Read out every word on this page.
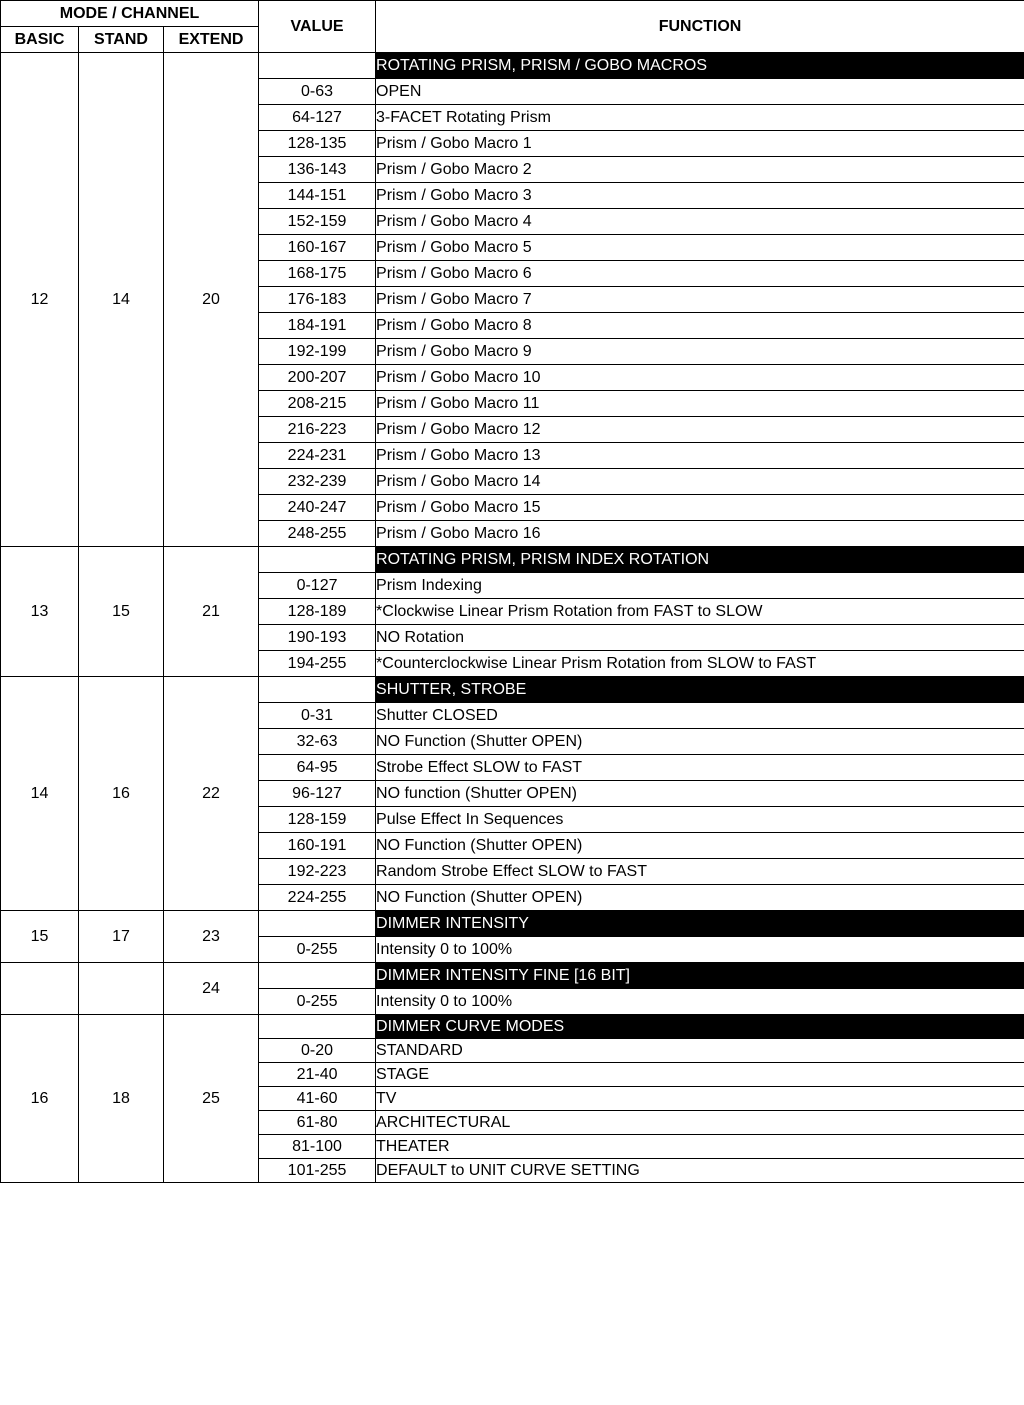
MODE / CHANNEL			VALUE	FUNCTION
BASIC	STAND	EXTEND		
12	14	20		ROTATING PRISM, PRISM / GOBO MACROS
			0-63	OPEN
			64-127	3-FACET Rotating Prism
			128-135	Prism / Gobo Macro 1
			136-143	Prism / Gobo Macro 2
			144-151	Prism / Gobo Macro 3
			152-159	Prism / Gobo Macro 4
			160-167	Prism / Gobo Macro 5
			168-175	Prism / Gobo Macro 6
			176-183	Prism / Gobo Macro 7
			184-191	Prism / Gobo Macro 8
			192-199	Prism / Gobo Macro 9
			200-207	Prism / Gobo Macro 10
			208-215	Prism / Gobo Macro 11
			216-223	Prism / Gobo Macro 12
			224-231	Prism / Gobo Macro 13
			232-239	Prism / Gobo Macro 14
			240-247	Prism / Gobo Macro 15
			248-255	Prism / Gobo Macro 16
13	15	21		ROTATING PRISM, PRISM INDEX ROTATION
			0-127	Prism Indexing
			128-189	*Clockwise Linear Prism Rotation from FAST to SLOW
			190-193	NO Rotation
			194-255	*Counterclockwise Linear Prism Rotation from SLOW to FAST
14	16	22		SHUTTER, STROBE
			0-31	Shutter CLOSED
			32-63	NO Function (Shutter OPEN)
			64-95	Strobe Effect SLOW to FAST
			96-127	NO function (Shutter OPEN)
			128-159	Pulse Effect In Sequences
			160-191	NO Function (Shutter OPEN)
			192-223	Random Strobe Effect SLOW to FAST
			224-255	NO Function (Shutter OPEN)
15	17	23		DIMMER INTENSITY
			0-255	Intensity 0 to 100%
		24		DIMMER INTENSITY FINE [16 BIT]
			0-255	Intensity 0 to 100%
16	18	25		DIMMER CURVE MODES
			0-20	STANDARD
			21-40	STAGE
			41-60	TV
			61-80	ARCHITECTURAL
			81-100	THEATER
			101-255	DEFAULT to UNIT CURVE SETTING
